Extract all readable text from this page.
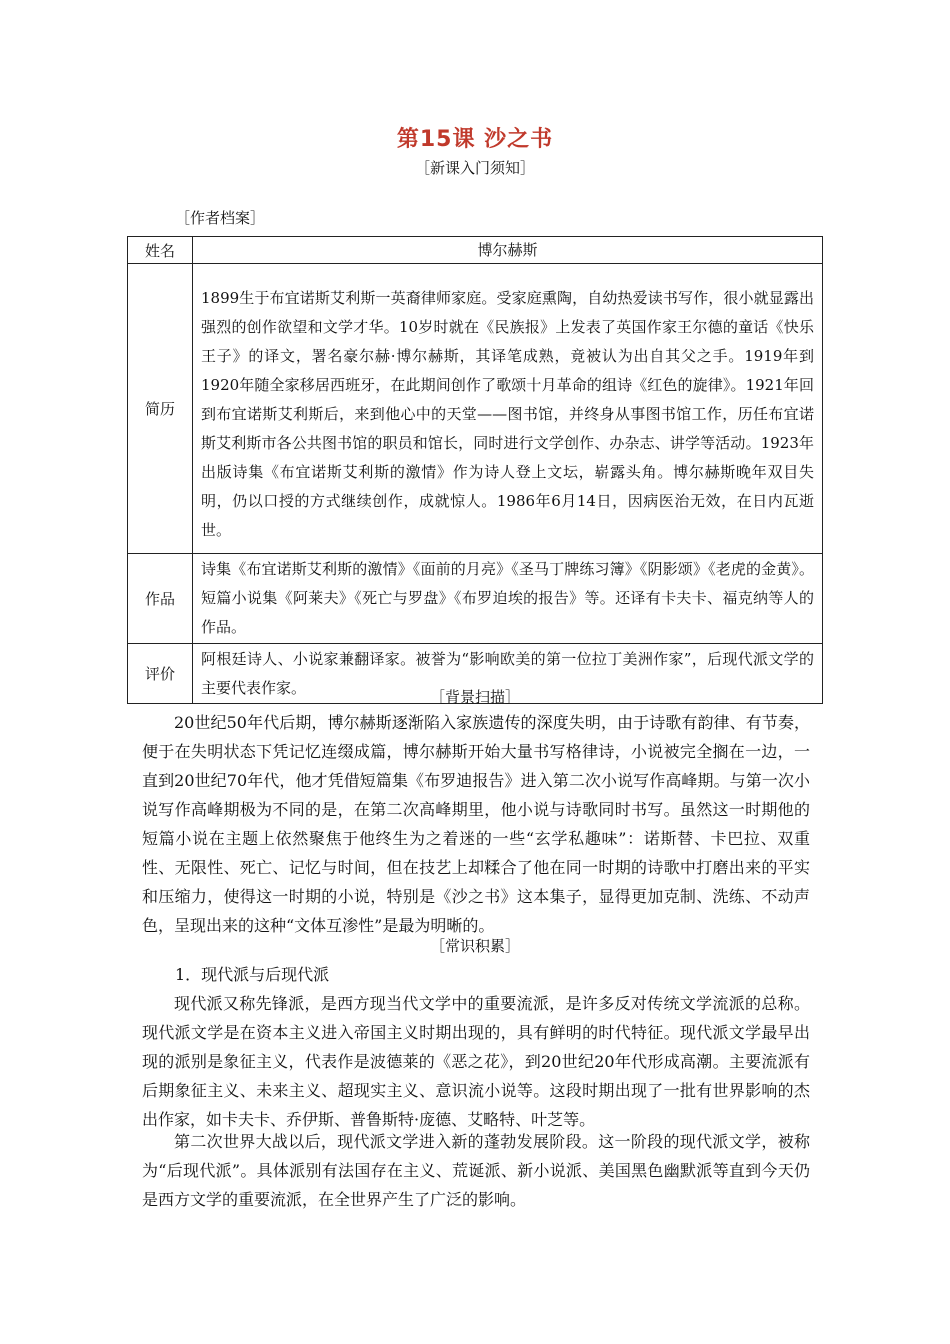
第15课 沙之书
［新课入门须知］
［作者档案］
姓名	博尔赫斯
简历	1899生于布宜诺斯艾利斯一英裔律师家庭。受家庭熏陶，自幼热爱读书写作，很小就显露出强烈的创作欲望和文学才华。10岁时就在《民族报》上发表了英国作家王尔德的童话《快乐王子》的译文，署名豪尔赫·博尔赫斯，其译笔成熟，竟被认为出自其父之手。1919年到1920年随全家移居西班牙，在此期间创作了歌颂十月革命的组诗《红色的旋律》。1921年回到布宜诺斯艾利斯后，来到他心中的天堂——图书馆，并终身从事图书馆工作，历任布宜诺斯艾利斯市各公共图书馆的职员和馆长，同时进行文学创作、办杂志、讲学等活动。1923年出版诗集《布宜诺斯艾利斯的激情》作为诗人登上文坛，崭露头角。博尔赫斯晚年双目失明，仍以口授的方式继续创作，成就惊人。1986年6月14日，因病医治无效，在日内瓦逝世。
作品	诗集《布宜诺斯艾利斯的激情》《面前的月亮》《圣马丁牌练习簿》《阴影颂》《老虎的金黄》。短篇小说集《阿莱夫》《死亡与罗盘》《布罗迫埃的报告》等。还译有卡夫卡、福克纳等人的作品。
评价	阿根廷诗人、小说家兼翻译家。被誉为“影响欧美的第一位拉丁美洲作家”，后现代派文学的主要代表作家。
［背景扫描］

20世纪50年代后期，博尔赫斯逐渐陷入家族遗传的深度失明，由于诗歌有韵律、有节奏，便于在失明状态下凭记忆连缀成篇，博尔赫斯开始大量书写格律诗，小说被完全搁在一边，一直到20世纪70年代，他才凭借短篇集《布罗迪报告》进入第二次小说写作高峰期。与第一次小说写作高峰期极为不同的是，在第二次高峰期里，他小说与诗歌同时书写。虽然这一时期他的短篇小说在主题上依然聚焦于他终生为之着迷的一些“玄学私趣味”：诺斯替、卡巴拉、双重性、无限性、死亡、记忆与时间，但在技艺上却糅合了他在同一时期的诗歌中打磨出来的平实和压缩力，使得这一时期的小说，特别是《沙之书》这本集子，显得更加克制、洗练、不动声色，呈现出来的这种“文体互渗性”是最为明晰的。

［常识积累］
1．现代派与后现代派

现代派又称先锋派，是西方现当代文学中的重要流派，是许多反对传统文学流派的总称。现代派文学是在资本主义进入帝国主义时期出现的，具有鲜明的时代特征。现代派文学最早出现的派别是象征主义，代表作是波德莱的《恶之花》，到20世纪20年代形成高潮。主要流派有后期象征主义、未来主义、超现实主义、意识流小说等。这段时期出现了一批有世界影响的杰出作家，如卡夫卡、乔伊斯、普鲁斯特·庞德、艾略特、叶芝等。

第二次世界大战以后，现代派文学进入新的蓬勃发展阶段。这一阶段的现代派文学，被称为“后现代派”。具体派别有法国存在主义、荒诞派、新小说派、美国黑色幽默派等直到今天仍是西方文学的重要流派，在全世界产生了广泛的影响。
